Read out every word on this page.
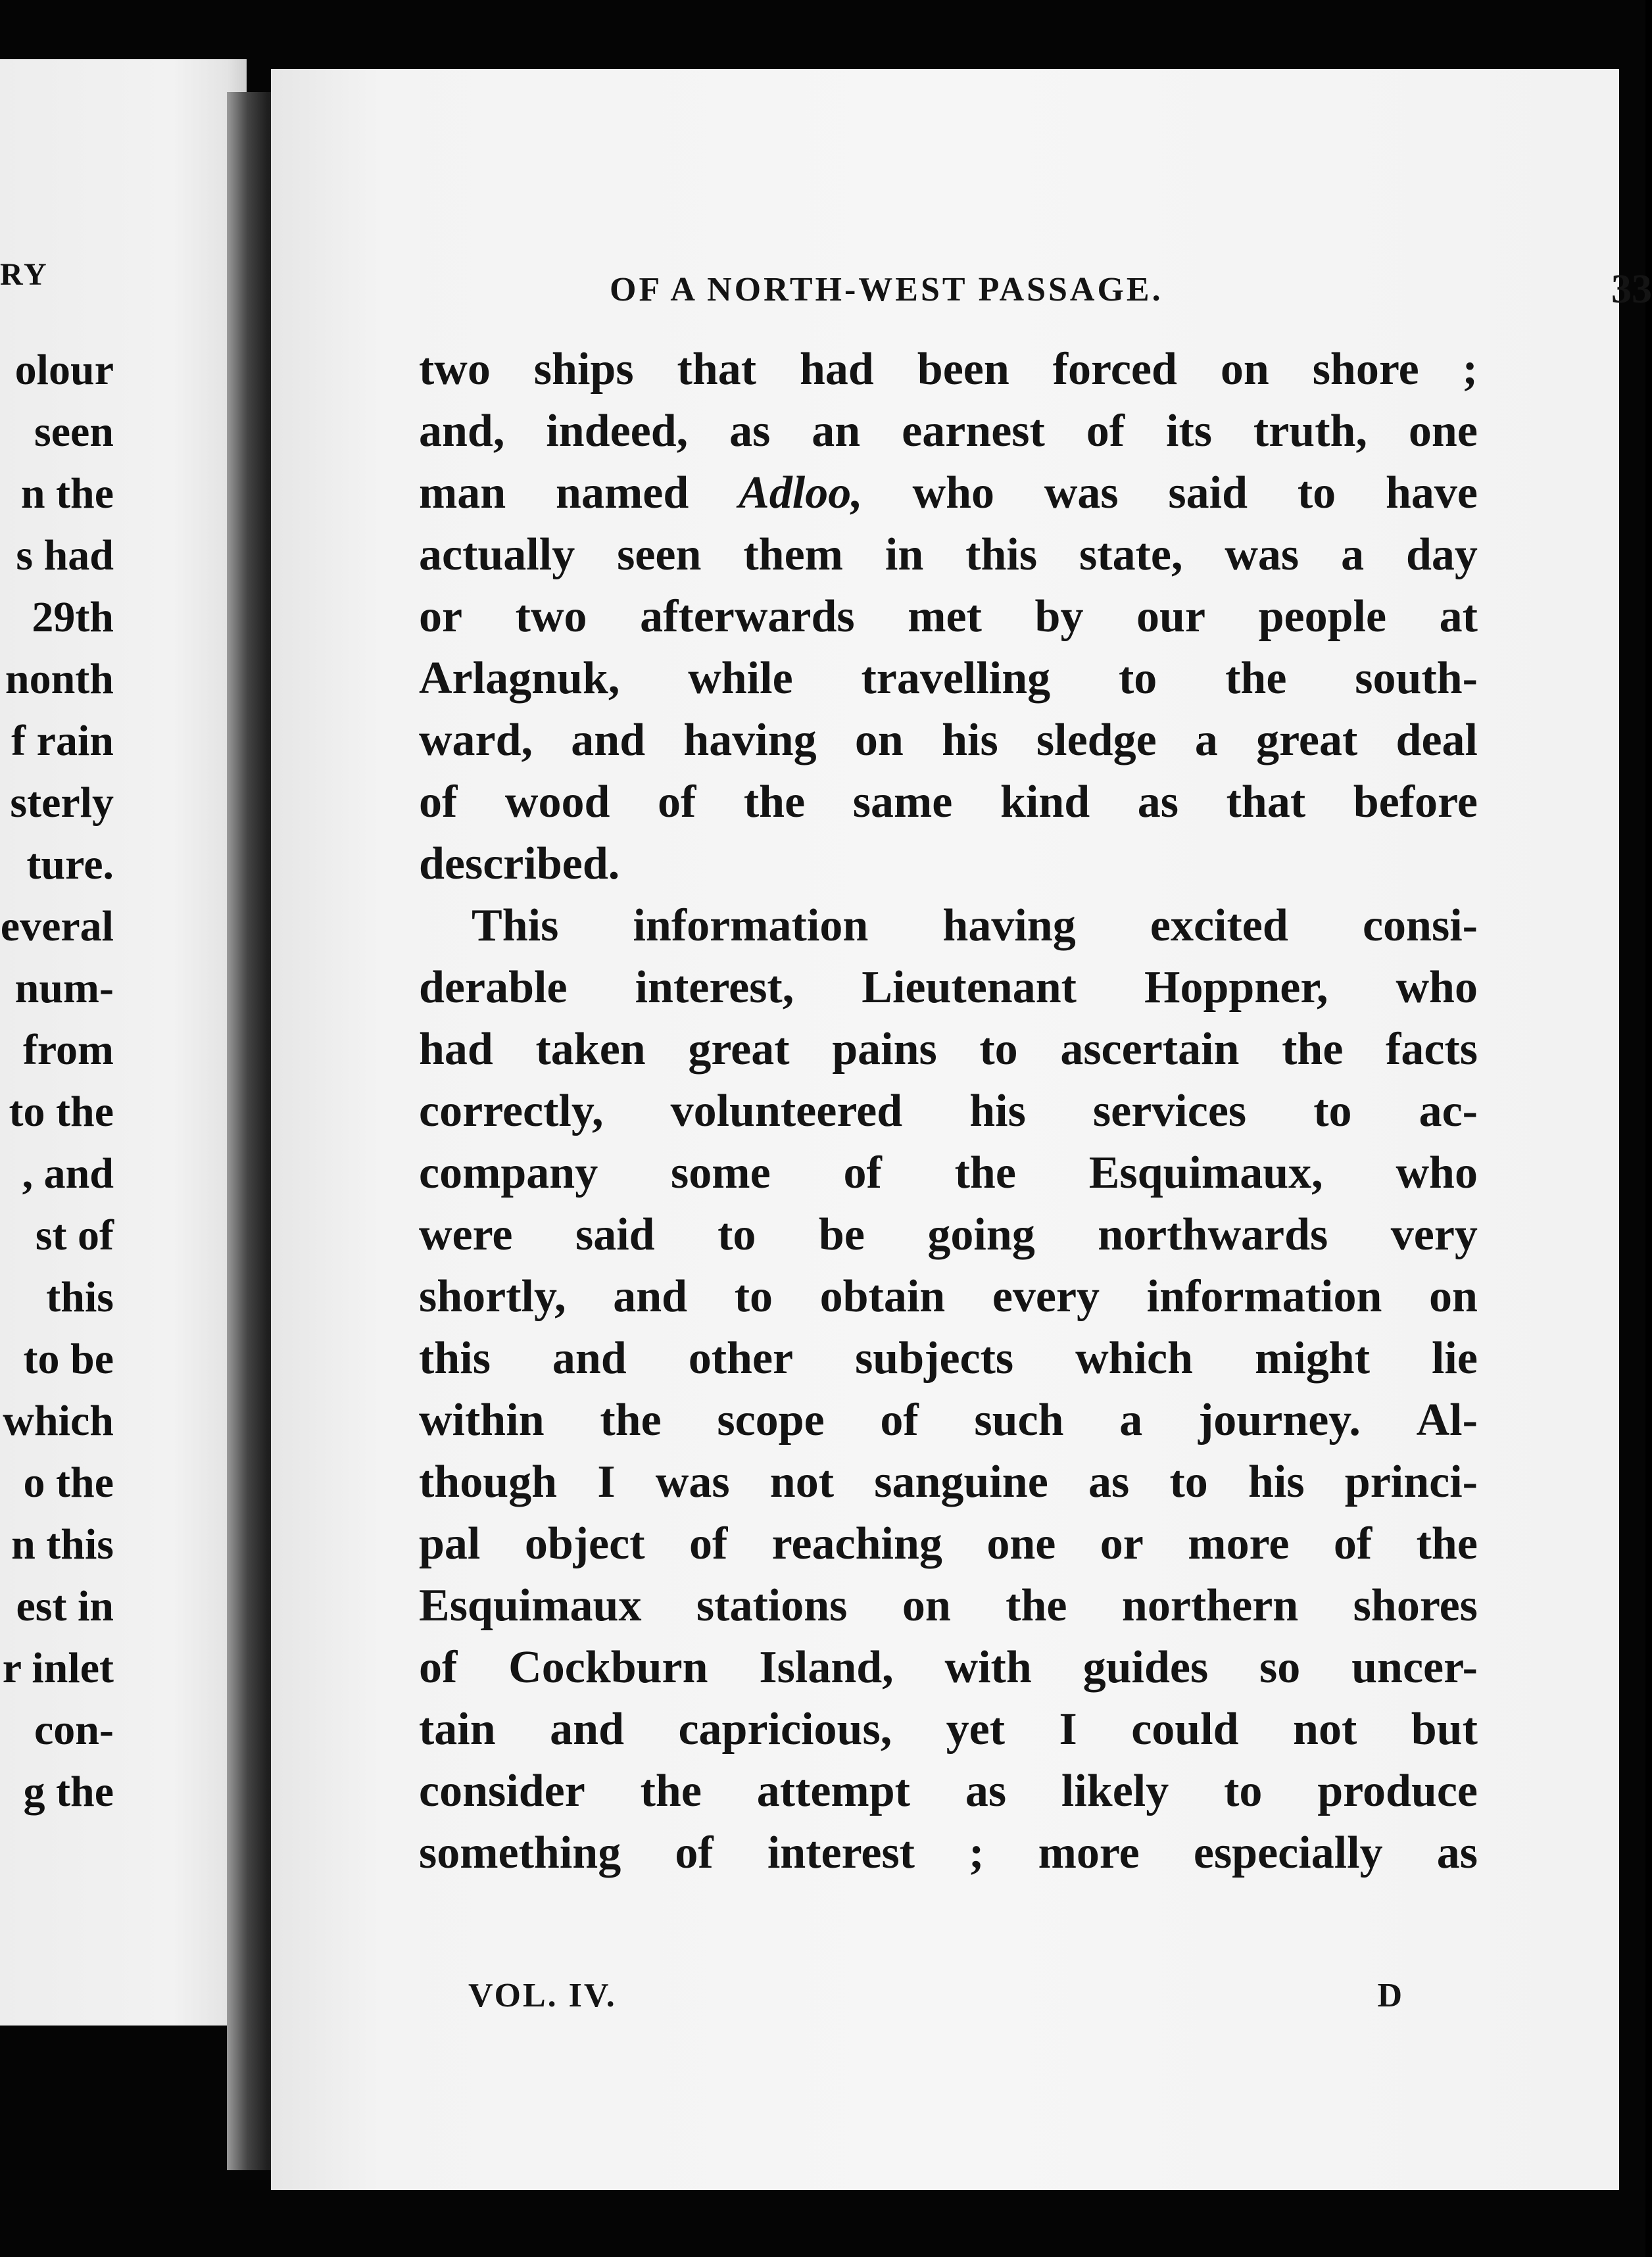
RY
olour
seen
n the
s had
29th
nonth
f rain
sterly
ture.
everal
num-
from
to the
, and
st of
this
to be
which
o the
n this
est in
r inlet
con-
g the
OF A NORTH-WEST PASSAGE.	33
two ships that had been forced on shore ;
and, indeed, as an earnest of its truth, one
man named Adloo, who was said to have
actually seen them in this state, was a day
or two afterwards met by our people at
Arlagnuk, while travelling to the south-
ward, and having on his sledge a great deal
of wood of the same kind as that before
described.
This information having excited consi-
derable interest, Lieutenant Hoppner, who
had taken great pains to ascertain the facts
correctly, volunteered his services to ac-
company some of the Esquimaux, who
were said to be going northwards very
shortly, and to obtain every information on
this and other subjects which might lie
within the scope of such a journey. Al-
though I was not sanguine as to his princi-
pal object of reaching one or more of the
Esquimaux stations on the northern shores
of Cockburn Island, with guides so uncer-
tain and capricious, yet I could not but
consider the attempt as likely to produce
something of interest ; more especially as
VOL. IV.	D
